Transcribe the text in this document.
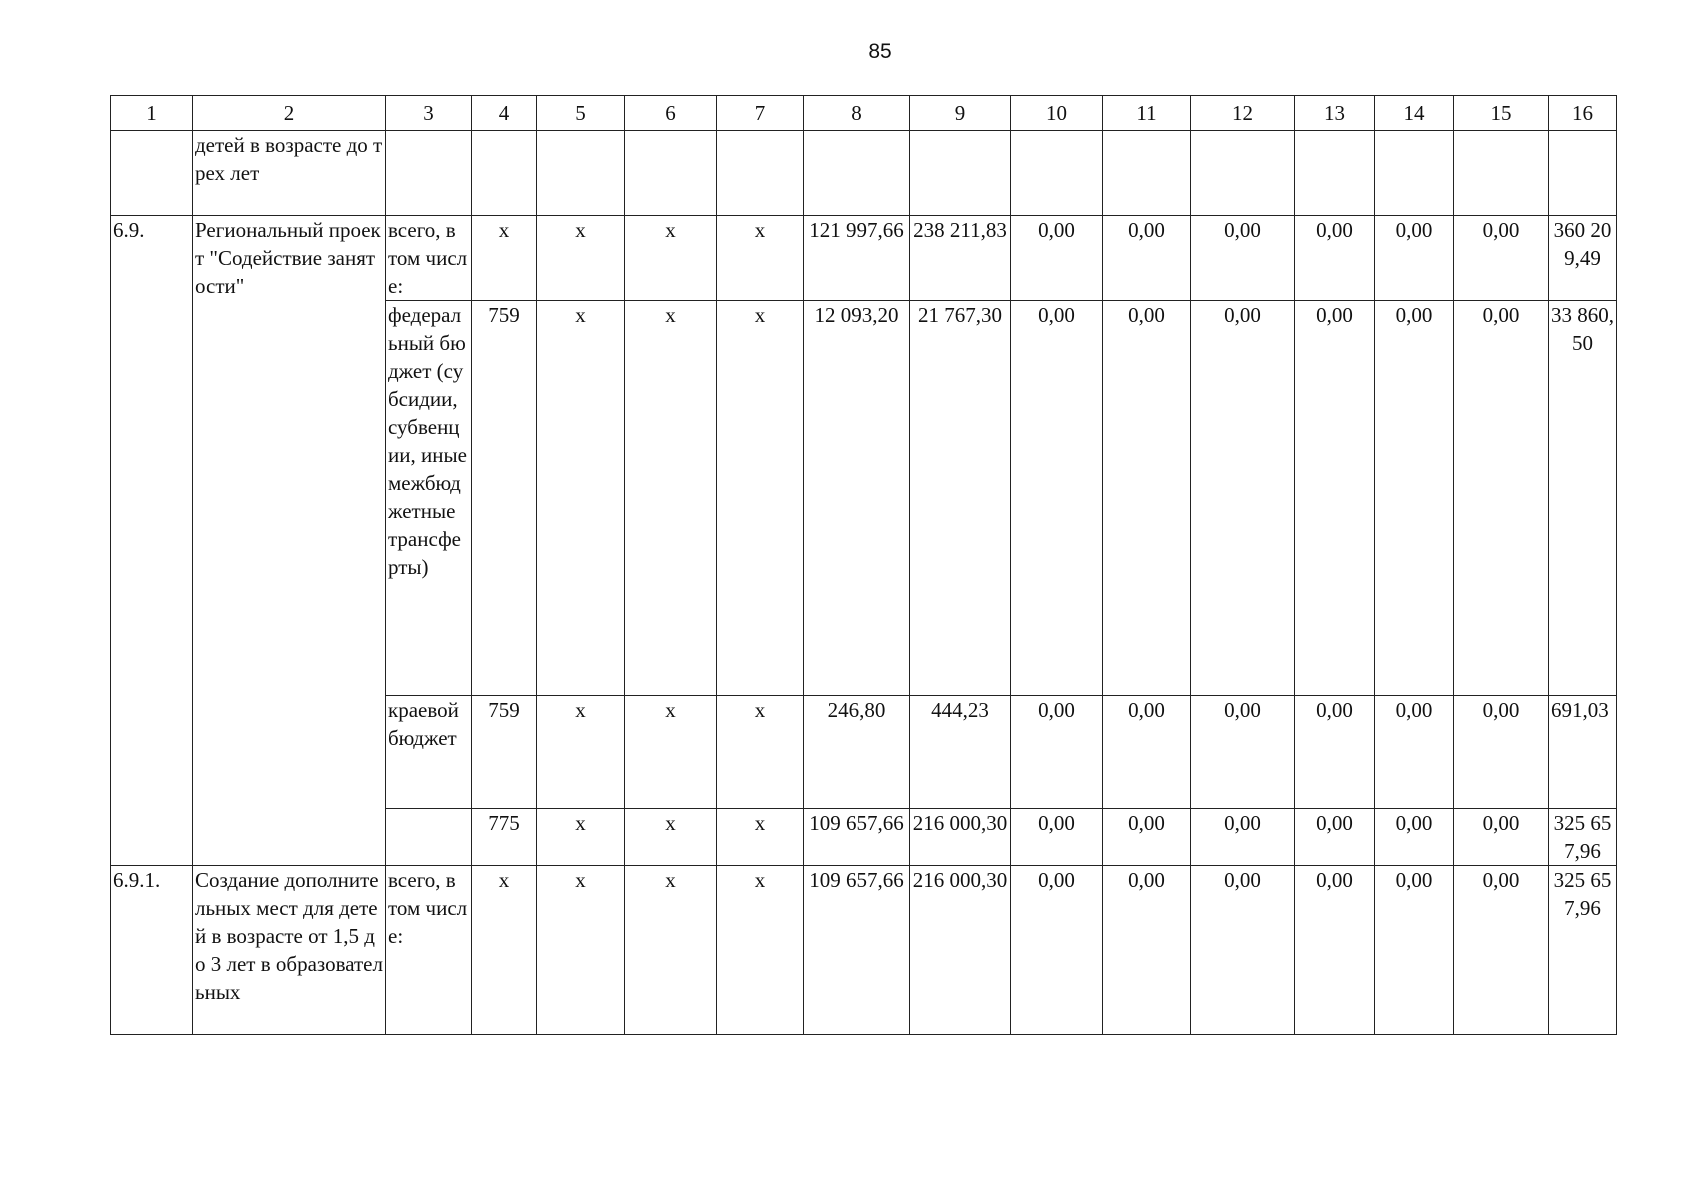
85
1	2	3	4	5	6	7	8	9	10	11	12	13	14	15	16
	детей в возрасте до трех лет														
6.9.	Региональный проект "Содействие занятости"	всего, в том числе:	x	x	x	x	121 997,66	238 211,83	0,00	0,00	0,00	0,00	0,00	0,00	360 209,49
		федеральный бюджет (субсидии, субвенции, иные межбюджетные трансферты)	759	x	x	x	12 093,20	21 767,30	0,00	0,00	0,00	0,00	0,00	0,00	33 860,50
		краевой бюджет	759	x	x	x	246,80	444,23	0,00	0,00	0,00	0,00	0,00	0,00	691,03
			775	x	x	x	109 657,66	216 000,30	0,00	0,00	0,00	0,00	0,00	0,00	325 657,96
6.9.1.	Создание дополнительных мест для детей в возрасте от 1,5 до 3 лет в образовательных	всего, в том числе:	x	x	x	x	109 657,66	216 000,30	0,00	0,00	0,00	0,00	0,00	0,00	325 657,96
